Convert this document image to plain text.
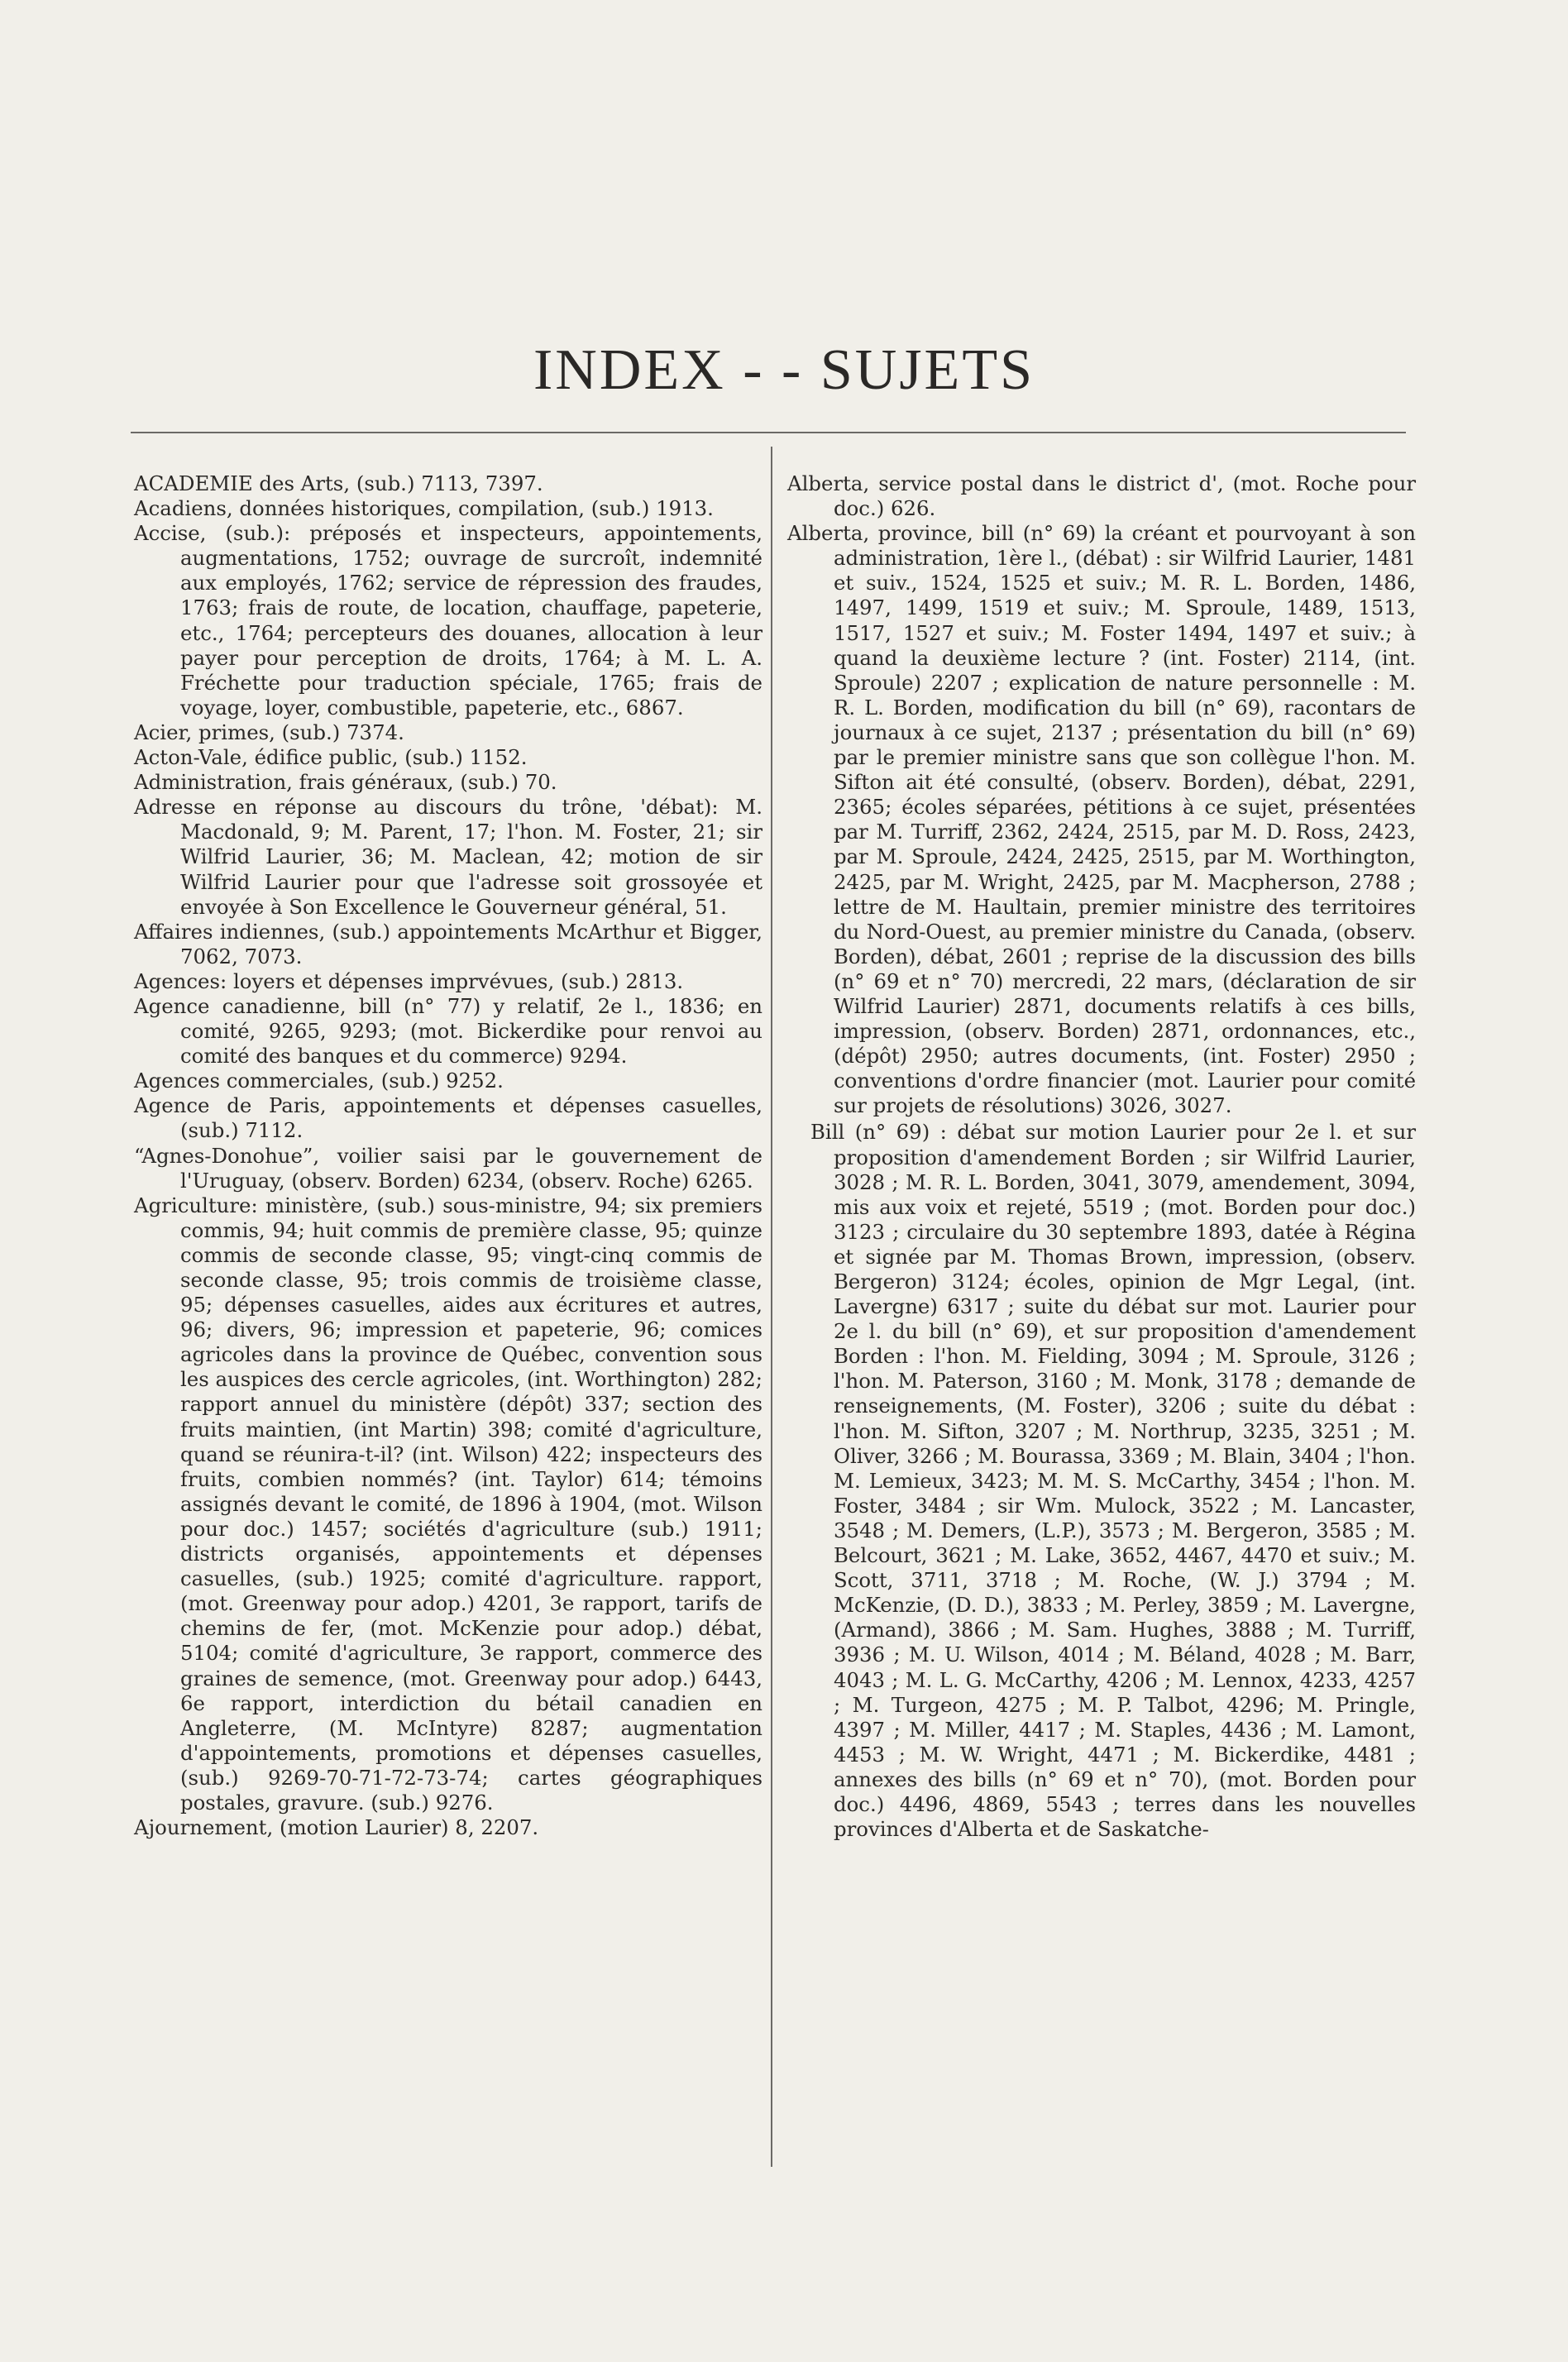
INDEX - - SUJETS

ACADEMIE des Arts, (sub.) 7113, 7397.

Acadiens, données historiques, compilation, (sub.) 1913.

Accise, (sub.): préposés et inspecteurs, appointements, augmentations, 1752; ouvrage de surcroît, indemnité aux employés, 1762; service de répression des fraudes, 1763; frais de route, de location, chauffage, papeterie, etc., 1764; percepteurs des douanes, allocation à leur payer pour perception de droits, 1764; à M. L. A. Fréchette pour traduction spéciale, 1765; frais de voyage, loyer, combustible, papeterie, etc., 6867.

Acier, primes, (sub.) 7374.

Acton-Vale, édifice public, (sub.) 1152.

Administration, frais généraux, (sub.) 70.

Adresse en réponse au discours du trône, 'débat): M. Macdonald, 9; M. Parent, 17; l'hon. M. Foster, 21; sir Wilfrid Laurier, 36; M. Maclean, 42; motion de sir Wilfrid Laurier pour que l'adresse soit grossoyée et envoyée à Son Excellence le Gouverneur général, 51.

Affaires indiennes, (sub.) appointements McArthur et Bigger, 7062, 7073.

Agences: loyers et dépenses imprvévues, (sub.) 2813.

Agence canadienne, bill (n° 77) y relatif, 2e l., 1836; en comité, 9265, 9293; (mot. Bickerdike pour renvoi au comité des banques et du commerce) 9294.

Agences commerciales, (sub.) 9252.

Agence de Paris, appointements et dépenses casuelles, (sub.) 7112.

“Agnes-Donohue”, voilier saisi par le gouvernement de l'Uruguay, (observ. Borden) 6234, (observ. Roche) 6265.

Agriculture: ministère, (sub.) sous-ministre, 94; six premiers commis, 94; huit commis de première classe, 95; quinze commis de seconde classe, 95; vingt-cinq commis de seconde classe, 95; trois commis de troisième classe, 95; dépenses casuelles, aides aux écritures et autres, 96; divers, 96; impression et papeterie, 96; comices agricoles dans la province de Québec, convention sous les auspices des cercle agricoles, (int. Worthington) 282; rapport annuel du ministère (dépôt) 337; section des fruits maintien, (int Martin) 398; comité d'agriculture, quand se réunira-t-il? (int. Wilson) 422; inspecteurs des fruits, combien nommés? (int. Taylor) 614; témoins assignés devant le comité, de 1896 à 1904, (mot. Wilson pour doc.) 1457; sociétés d'agriculture (sub.) 1911; districts organisés, appointements et dépenses casuelles, (sub.) 1925; comité d'agriculture. rapport, (mot. Greenway pour adop.) 4201, 3e rapport, tarifs de chemins de fer, (mot. McKenzie pour adop.) débat, 5104; comité d'agriculture, 3e rapport, commerce des graines de semence, (mot. Greenway pour adop.) 6443, 6e rapport, interdiction du bétail canadien en Angleterre, (M. McIntyre) 8287; augmentation d'appointements, promotions et dépenses casuelles, (sub.) 9269-70-71-72-73-74; cartes géographiques postales, gravure. (sub.) 9276.

Ajournement, (motion Laurier) 8, 2207.

Alberta, service postal dans le district d', (mot. Roche pour doc.) 626.

Alberta, province, bill (n° 69) la créant et pourvoyant à son administration, 1ère l., (débat) : sir Wilfrid Laurier, 1481 et suiv., 1524, 1525 et suiv.; M. R. L. Borden, 1486, 1497, 1499, 1519 et suiv.; M. Sproule, 1489, 1513, 1517, 1527 et suiv.; M. Foster 1494, 1497 et suiv.; à quand la deuxième lecture ? (int. Foster) 2114, (int. Sproule) 2207 ; explication de nature personnelle : M. R. L. Borden, modification du bill (n° 69), racontars de journaux à ce sujet, 2137 ; présentation du bill (n° 69) par le premier ministre sans que son collègue l'hon. M. Sifton ait été consulté, (observ. Borden), débat, 2291, 2365; écoles séparées, pétitions à ce sujet, présentées par M. Turriff, 2362, 2424, 2515, par M. D. Ross, 2423, par M. Sproule, 2424, 2425, 2515, par M. Worthington, 2425, par M. Wright, 2425, par M. Macpherson, 2788 ; lettre de M. Haultain, premier ministre des territoires du Nord-Ouest, au premier ministre du Canada, (observ. Borden), débat, 2601 ; reprise de la discussion des bills (n° 69 et n° 70) mercredi, 22 mars, (déclaration de sir Wilfrid Laurier) 2871, documents relatifs à ces bills, impression, (observ. Borden) 2871, ordonnances, etc., (dépôt) 2950; autres documents, (int. Foster) 2950 ; conventions d'ordre financier (mot. Laurier pour comité sur projets de résolutions) 3026, 3027.

Bill (n° 69) : débat sur motion Laurier pour 2e l. et sur proposition d'amendement Borden ; sir Wilfrid Laurier, 3028 ; M. R. L. Borden, 3041, 3079, amendement, 3094, mis aux voix et rejeté, 5519 ; (mot. Borden pour doc.) 3123 ; circulaire du 30 septembre 1893, datée à Régina et signée par M. Thomas Brown, impression, (observ. Bergeron) 3124; écoles, opinion de Mgr Legal, (int. Lavergne) 6317 ; suite du débat sur mot. Laurier pour 2e l. du bill (n° 69), et sur proposition d'amendement Borden : l'hon. M. Fielding, 3094 ; M. Sproule, 3126 ; l'hon. M. Paterson, 3160 ; M. Monk, 3178 ; demande de renseignements, (M. Foster), 3206 ; suite du débat : l'hon. M. Sifton, 3207 ; M. Northrup, 3235, 3251 ; M. Oliver, 3266 ; M. Bourassa, 3369 ; M. Blain, 3404 ; l'hon. M. Lemieux, 3423; M. M. S. McCarthy, 3454 ; l'hon. M. Foster, 3484 ; sir Wm. Mulock, 3522 ; M. Lancaster, 3548 ; M. Demers, (L.P.), 3573 ; M. Bergeron, 3585 ; M. Belcourt, 3621 ; M. Lake, 3652, 4467, 4470 et suiv.; M. Scott, 3711, 3718 ; M. Roche, (W. J.) 3794 ; M. McKenzie, (D. D.), 3833 ; M. Perley, 3859 ; M. Lavergne, (Armand), 3866 ; M. Sam. Hughes, 3888 ; M. Turriff, 3936 ; M. U. Wilson, 4014 ; M. Béland, 4028 ; M. Barr, 4043 ; M. L. G. McCarthy, 4206 ; M. Lennox, 4233, 4257 ; M. Turgeon, 4275 ; M. P. Talbot, 4296; M. Pringle, 4397 ; M. Miller, 4417 ; M. Staples, 4436 ; M. Lamont, 4453 ; M. W. Wright, 4471 ; M. Bickerdike, 4481 ; annexes des bills (n° 69 et n° 70), (mot. Borden pour doc.) 4496, 4869, 5543 ; terres dans les nouvelles provinces d'Alberta et de Saskatche-
